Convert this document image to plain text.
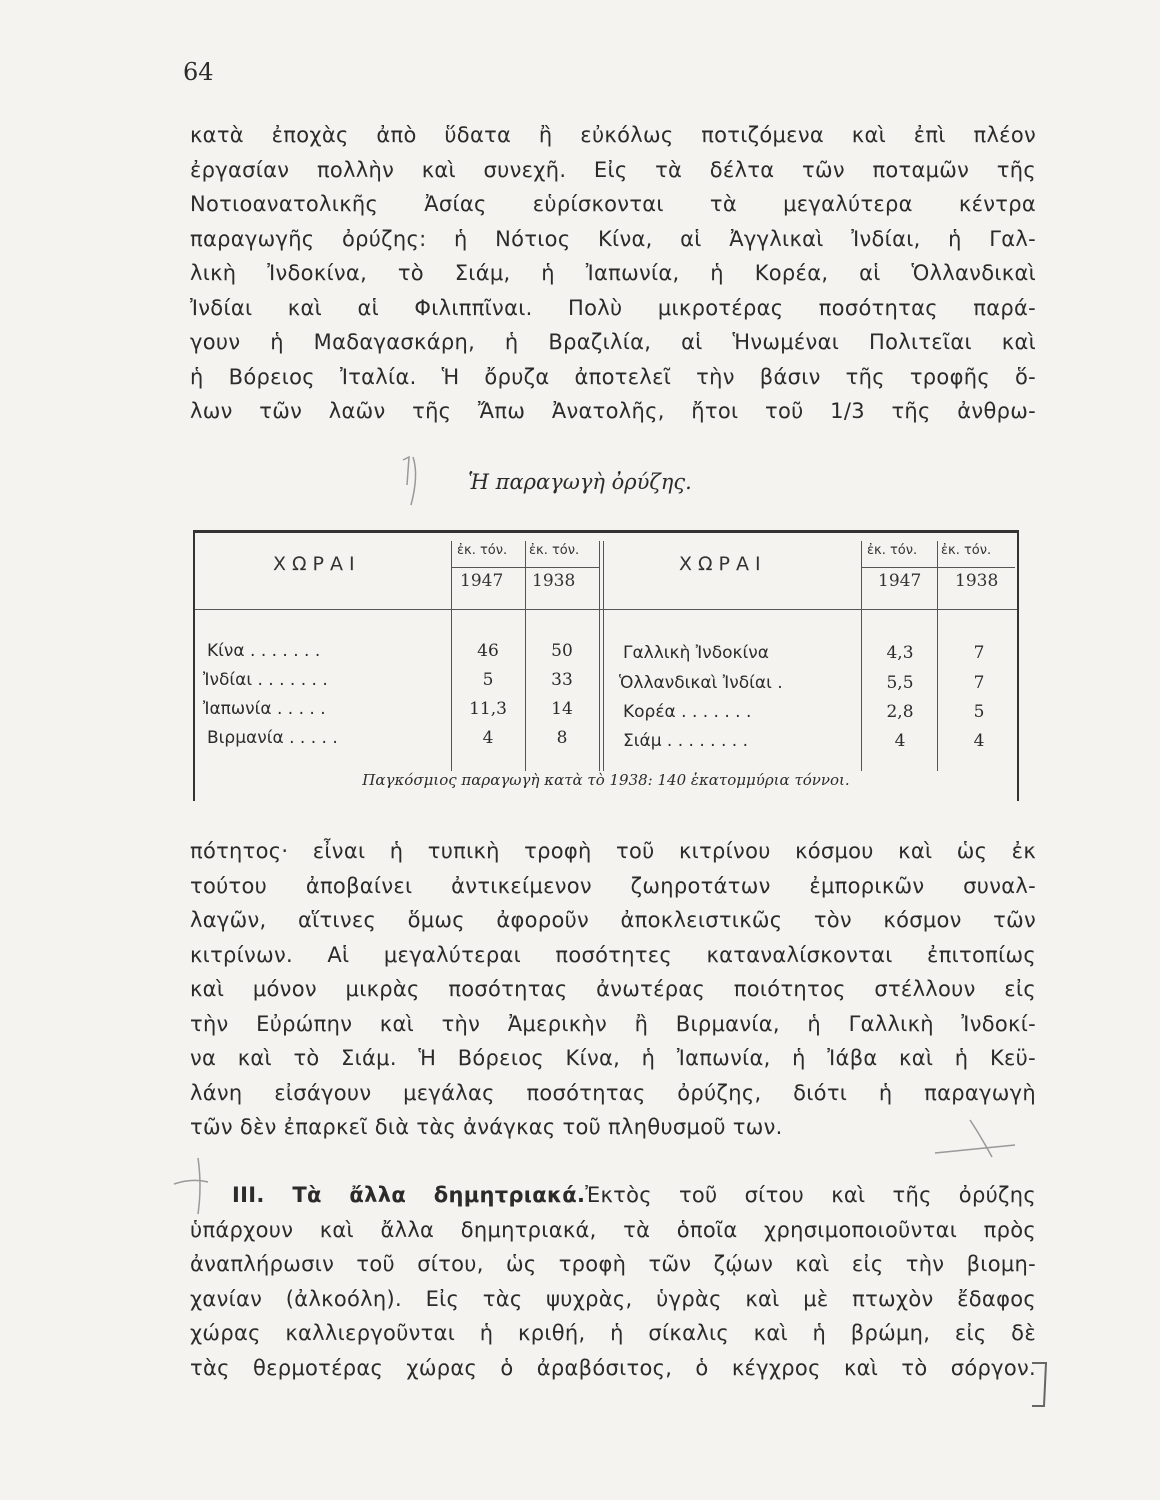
64
κατὰ ἐποχὰς ἀπὸ ὕδατα ἢ εὐκόλως ποτιζόμενα καὶ ἐπὶ πλέον
ἐργασίαν πολλὴν καὶ συνεχῆ. Εἰς τὰ δέλτα τῶν ποταμῶν τῆς
Νοτιοανατολικῆς Ἀσίας εὑρίσκονται τὰ μεγαλύτερα κέντρα
παραγωγῆς ὀρύζης: ἡ Νότιος Κίνα, αἱ Ἀγγλικαὶ Ἰνδίαι, ἡ Γαλ-
λικὴ Ἰνδοκίνα, τὸ Σιάμ, ἡ Ἰαπωνία, ἡ Κορέα, αἱ Ὁλλανδικαὶ
Ἰνδίαι καὶ αἱ Φιλιππῖναι. Πολὺ μικροτέρας ποσότητας παρά-
γουν ἡ Μαδαγασκάρη, ἡ Βραζιλία, αἱ Ἡνωμέναι Πολιτεῖαι καὶ
ἡ Βόρειος Ἰταλία. Ἡ ὄρυζα ἀποτελεῖ τὴν βάσιν τῆς τροφῆς ὅ-
λων τῶν λαῶν τῆς Ἄπω Ἀνατολῆς, ἤτοι τοῦ 1/3 τῆς ἀνθρω-
Ἡ παραγωγὴ ὀρύζης.
ΧΩΡΑΙ
ἐκ. τόν. ἐκ. τόν.
1947 1938
ΧΩΡΑΙ
ἐκ. τόν. ἐκ. τόν.
1947 1938
Κίνα . . . . . . .	46	50
Ἰνδίαι . . . . . . .	5	33
Ἰαπωνία . . . . .	11,3	14
Βιρμανία . . . . .	4	8
Γαλλικὴ Ἰνδοκίνα	4,3	7
Ὁλλανδικαὶ Ἰνδίαι .	5,5	7
Κορέα . . . . . . .	2,8	5
Σιάμ . . . . . . . .	4	4
Παγκόσμιος παραγωγὴ κατὰ τὸ 1938: 140 ἑκατομμύρια τόννοι.
πότητος· εἶναι ἡ τυπικὴ τροφὴ τοῦ κιτρίνου κόσμου καὶ ὡς ἐκ
τούτου ἀποβαίνει ἀντικείμενον ζωηροτάτων ἐμπορικῶν συναλ-
λαγῶν, αἵτινες ὅμως ἀφοροῦν ἀποκλειστικῶς τὸν κόσμον τῶν
κιτρίνων. Αἱ μεγαλύτεραι ποσότητες καταναλίσκονται ἐπιτοπίως
καὶ μόνον μικρὰς ποσότητας ἀνωτέρας ποιότητος στέλλουν εἰς
τὴν Εὐρώπην καὶ τὴν Ἀμερικὴν ἢ Βιρμανία, ἡ Γαλλικὴ Ἰνδοκί-
να καὶ τὸ Σιάμ. Ἡ Βόρειος Κίνα, ἡ Ἰαπωνία, ἡ Ἰάβα καὶ ἡ Κεϋ-
λάνη εἰσάγουν μεγάλας ποσότητας ὀρύζης, διότι ἡ παραγωγὴ
τῶν δὲν ἐπαρκεῖ διὰ τὰς ἀνάγκας τοῦ πληθυσμοῦ των.
III. Τὰ ἄλλα δημητριακά.Ἐκτὸς τοῦ σίτου καὶ τῆς ὀρύζης
ὑπάρχουν καὶ ἄλλα δημητριακά, τὰ ὁποῖα χρησιμοποιοῦνται πρὸς
ἀναπλήρωσιν τοῦ σίτου, ὡς τροφὴ τῶν ζῴων καὶ εἰς τὴν βιομη-
χανίαν (ἀλκοόλη). Εἰς τὰς ψυχρὰς, ὑγρὰς καὶ μὲ πτωχὸν ἔδαφος
χώρας καλλιεργοῦνται ἡ κριθή, ἡ σίκαλις καὶ ἡ βρώμη, εἰς δὲ
τὰς θερμοτέρας χώρας ὁ ἀραβόσιτος, ὁ κέγχρος καὶ τὸ σόργον.
